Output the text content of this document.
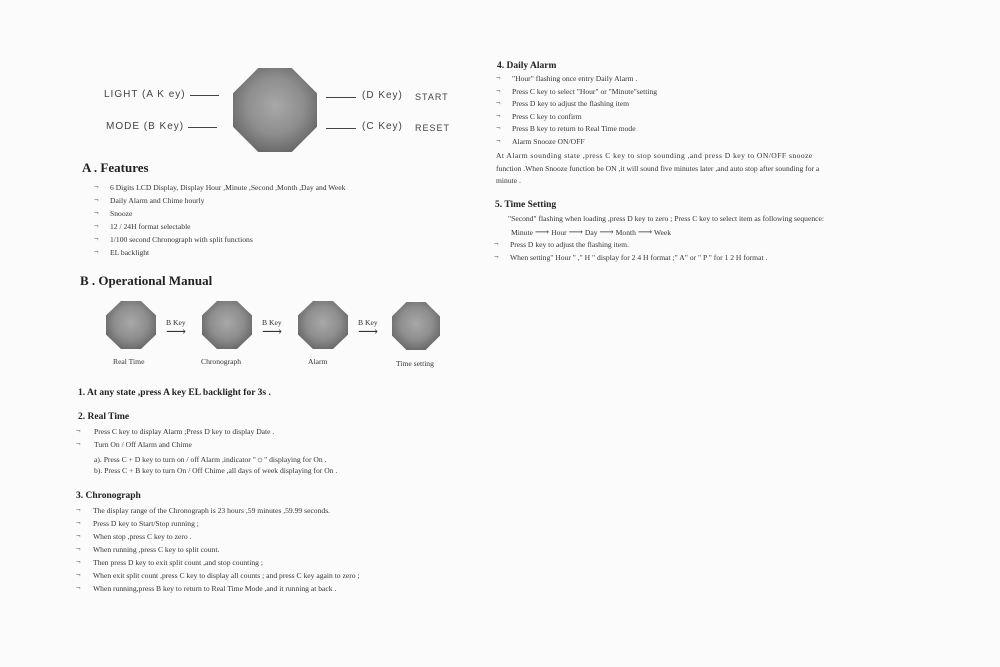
LIGHT (A K ey)
MODE (B Key)
(D Key) START
(C Key) RESET
A . Features
¬ 6 Digits LCD Display, Display Hour ,Minute ,Second ,Month ,Day and Week
¬ Daily Alarm and Chime hourly
¬ Snooze
¬ 12 / 24H format selectable
¬ 1/100 second Chronograph with split functions
¬ EL backlight
B . Operational Manual
B Key
⟶
B Key
⟶
B Key
⟶
Real Time	Chronograph	Alarm	Time setting
1. At any state ,press A key EL backlight for 3s .
2. Real Time
¬ Press C key to display Alarm ;Press D key to display Date .
¬ Turn On / Off Alarm and Chime
a). Press C + D key to turn on / off Alarm ,indicator "☼" displaying for On .
b). Press C + B key to turn On / Off Chime ,all days of week displaying for On .
3. Chronograph
¬ The display range of the Chronograph is 23 hours ,59 minutes ,59.99 seconds.
¬ Press D key to Start/Stop running ;
¬ When stop ,press C key to zero .
¬ When running ,press C key to split count.
¬ Then press D key to exit split count ,and stop counting ;
¬ When exit split count ,press C key to display all counts ; and press C key again to zero ;
¬ When running,press B key to return to Real Time Mode ,and it running at back .
4. Daily Alarm
¬ "Hour" flashing once entry Daily Alarm .
¬ Press C key to select "Hour" or "Minute"setting
¬ Press D key to adjust the flashing item
¬ Press C key to confirm
¬ Press B key to return to Real Time mode
¬ Alarm Snooze ON/OFF
At Alarm sounding state ,press C key to stop sounding ,and press D key to ON/OFF snooze
function .When Snooze function be ON ,it will sound five minutes later ,and auto stop after sounding for a
minute .
5. Time Setting
"Second" flashing when loading ,press D key to zero ; Press C key to select item as following sequence:
Minute ⟶ Hour ⟶ Day ⟶ Month ⟶ Week
¬ Press D key to adjust the flashing item.
¬ When setting" Hour " ," H " display for 2 4 H format ;" A" or " P " for 1 2 H format .
